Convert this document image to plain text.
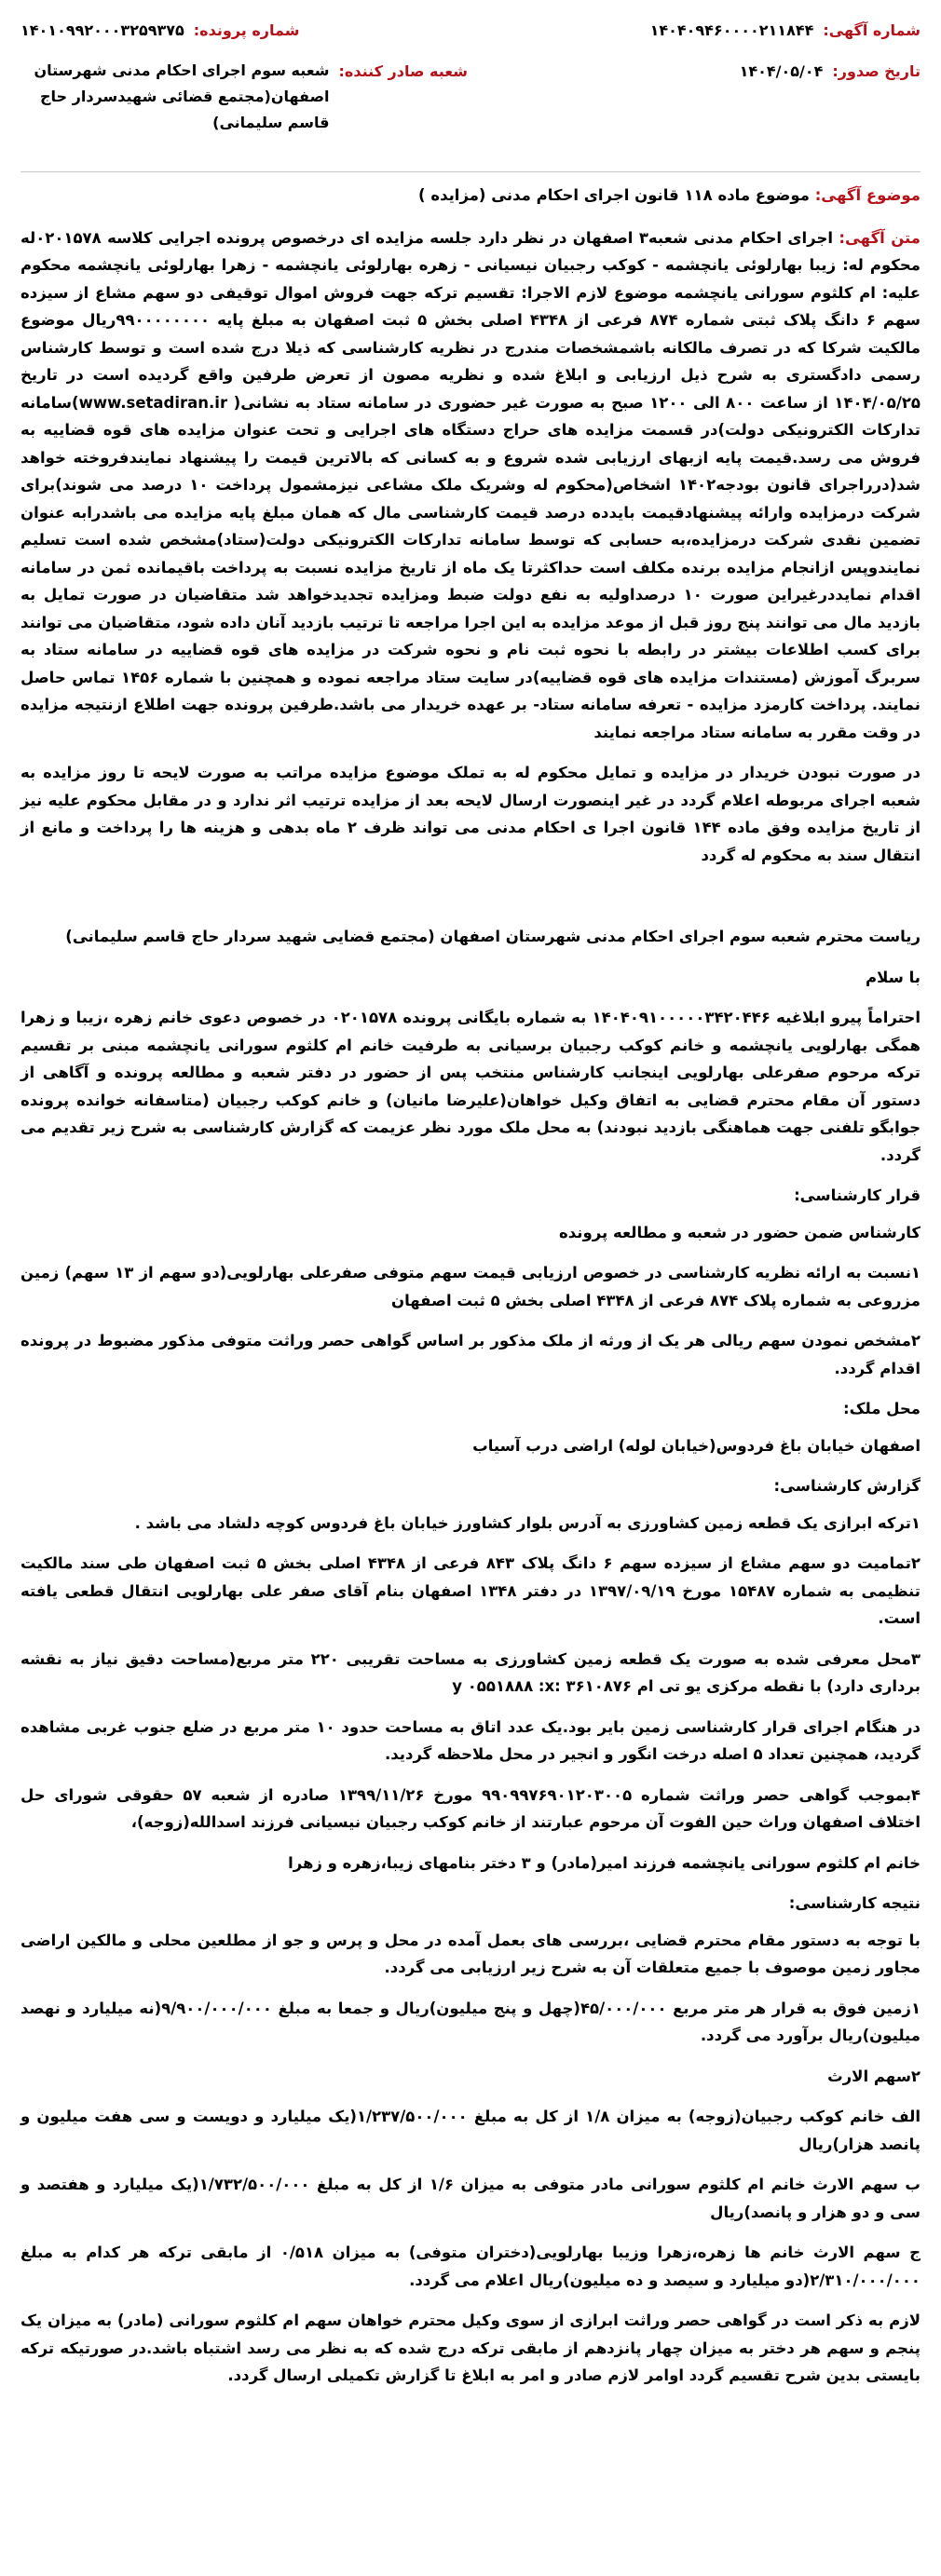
شماره آگهی:
۱۴۰۴۰۹۴۶۰۰۰۰۲۱۱۸۴۴
شماره پرونده:
۱۴۰۱۰۹۹۲۰۰۰۳۲۵۹۳۷۵
تاریخ صدور:
۱۴۰۴/۰۵/۰۴
شعبه صادر کننده:
شعبه سوم اجرای احکام مدنی شهرستان اصفهان(مجتمع قضائی شهیدسردار حاج قاسم سلیمانی)
موضوع آگهی: موضوع ماده ۱۱۸ قانون اجرای احکام مدنی (مزایده )

متن آگهی: اجرای احکام مدنی شعبه۳ اصفهان در نظر دارد جلسه مزایده ای درخصوص پرونده اجرایی کلاسه ۰۲۰۱۵۷۸له محکوم له: زیبا بهارلوئی یانچشمه - کوکب رجبیان نیسیانی - زهره بهارلوئی یانچشمه - زهرا بهارلوئی یانچشمه محکوم علیه: ام کلثوم سورانی یانچشمه موضوع لازم الاجرا: تقسیم ترکه جهت فروش اموال توقیفی دو سهم مشاع از سیزده سهم ۶ دانگ پلاک ثبتی شماره ۸۷۴ فرعی از ۴۳۴۸ اصلی بخش ۵ ثبت اصفهان به مبلغ پایه ۹۹۰۰۰۰۰۰۰۰ریال موضوع مالکیت شرکا که در تصرف مالکانه باشمشخصات مندرج در نظریه کارشناسی که ذیلا درج شده است و توسط کارشناس رسمی دادگستری به شرح ذیل ارزیابی و ابلاغ شده و نظریه مصون از تعرض طرفین واقع گردیده است در تاریخ ۱۴۰۴/۰۵/۲۵ از ساعت ۸۰۰ الی ۱۲۰۰ صبح به صورت غیر حضوری در سامانه ستاد به نشانی( www.setadiran.ir)سامانه تدارکات الکترونیکی دولت)در قسمت مزایده های حراج دستگاه های اجرایی و تحت عنوان مزایده های قوه قضاییه به فروش می رسد.قیمت پایه ازبهای ارزیابی شده شروع و به کسانی که بالاترین قیمت را پیشنهاد نمایندفروخته خواهد شد(درراجرای قانون بودجه۱۴۰۲ اشخاص(محکوم له وشریک ملک مشاعی نیزمشمول پرداخت ۱۰ درصد می شوند)برای شرکت درمزایده وارائه پیشنهادقیمت بایدده درصد قیمت کارشناسی مال که همان مبلغ پایه مزایده می باشدرابه عنوان تضمین نقدی شرکت درمزایده،به حسابی که توسط سامانه تدارکات الکترونیکی دولت(ستاد)مشخص شده است تسلیم نمایندوپس ازانجام مزایده برنده مکلف است حداکثرتا یک ماه از تاریخ مزایده نسبت به پرداخت باقیمانده ثمن در سامانه اقدام نمایددرغیراین صورت ۱۰ درصداولیه به نفع دولت ضبط ومزایده تجدیدخواهد شد متقاضیان در صورت تمایل به بازدید مال می توانند پنج روز قبل از موعد مزایده به این اجرا مراجعه تا ترتیب بازدید آنان داده شود، متقاضیان می توانند برای کسب اطلاعات بیشتر در رابطه با نحوه ثبت نام و نحوه شرکت در مزایده های قوه قضاییه در سامانه ستاد به سربرگ آموزش (مستندات مزایده های قوه قضاییه)در سایت ستاد مراجعه نموده و همچنین با شماره ۱۴۵۶ تماس حاصل نمایند. پرداخت کارمزد مزایده - تعرفه سامانه ستاد- بر عهده خریدار می باشد.طرفین پرونده جهت اطلاع ازنتیجه مزایده در وقت مقرر به سامانه ستاد مراجعه نمایند

در صورت نبودن خریدار در مزایده و تمایل محکوم له به تملک موضوع مزایده مراتب به صورت لایحه تا روز مزایده به شعبه اجرای مربوطه اعلام گردد در غیر اینصورت ارسال لایحه بعد از مزایده ترتیب اثر ندارد و در مقابل محکوم علیه نیز از تاریخ مزایده وفق ماده ۱۴۴ قانون اجرا ی احکام مدنی می تواند ظرف ۲ ماه بدهی و هزینه ها را پرداخت و مانع از انتقال سند به محکوم له گردد

ریاست محترم شعبه سوم اجرای احکام مدنی شهرستان اصفهان (مجتمع قضایی شهید سردار حاج قاسم سلیمانی)

با سلام

احتراماً پیرو ابلاغیه ۱۴۰۴۰۹۱۰۰۰۰۰۳۴۲۰۴۴۶ به شماره بایگانی پرونده ۰۲۰۱۵۷۸ در خصوص دعوی خانم زهره ،زیبا و زهرا همگی بهارلویی یانچشمه و خانم کوکب رجبیان برسیانی به طرفیت خانم ام کلثوم سورانی یانچشمه مبنی بر تقسیم ترکه مرحوم صفرعلی بهارلویی اینجانب کارشناس منتخب پس از حضور در دفتر شعبه و مطالعه پرونده و آگاهی از دستور آن مقام محترم قضایی به اتفاق وکیل خواهان(علیرضا مانیان) و خانم کوکب رجبیان (متاسفانه خوانده پرونده جوابگو تلفنی جهت هماهنگی بازدید نبودند) به محل ملک مورد نظر عزیمت که گزارش کارشناسی به شرح زیر تقدیم می گردد.

قرار کارشناسی:

کارشناس ضمن حضور در شعبه و مطالعه پرونده

۱نسبت به ارائه نظریه کارشناسی در خصوص ارزیابی قیمت سهم متوفی صفرعلی بهارلویی(دو سهم از ۱۳ سهم) زمین مزروعی به شماره پلاک ۸۷۴ فرعی از ۴۳۴۸ اصلی بخش ۵ ثبت اصفهان

۲مشخص نمودن سهم ریالی هر یک از ورثه از ملک مذکور بر اساس گواهی حصر وراثت متوفی مذکور مضبوط در پرونده اقدام گردد.

محل ملک:

اصفهان خیابان باغ فردوس(خیابان لوله) اراضی درب آسیاب

گزارش کارشناسی:

۱ترکه ابرازی یک قطعه زمین کشاورزی به آدرس بلوار کشاورز خیابان باغ فردوس کوچه دلشاد می باشد .

۲تمامیت دو سهم مشاع از سیزده سهم ۶ دانگ پلاک ۸۴۳ فرعی از ۴۳۴۸ اصلی بخش ۵ ثبت اصفهان طی سند مالکیت تنظیمی به شماره ۱۵۴۸۷ مورخ ۱۳۹۷/۰۹/۱۹ در دفتر ۱۳۴۸ اصفهان بنام آقای صفر علی بهارلویی انتقال قطعی یافته است.

۳محل معرفی شده به صورت یک قطعه زمین کشاورزی به مساحت تقریبی ۲۲۰ متر مربع(مساحت دقیق نیاز به نقشه برداری دارد) با نقطه مرکزی یو تی ام ۳۶۱۰۸۷۶ :y ۰۵۵۱۸۸۸ :x

در هنگام اجرای قرار کارشناسی زمین بایر بود.یک عدد اتاق به مساحت حدود ۱۰ متر مربع در ضلع جنوب غربی مشاهده گردید، همچنین تعداد ۵ اصله درخت انگور و انجیر در محل ملاحظه گردید.

۴بموجب گواهی حصر وراثت شماره ۹۹۰۹۹۷۶۹۰۱۲۰۳۰۰۵ مورخ ۱۳۹۹/۱۱/۲۶ صادره از شعبه ۵۷ حقوقی شورای حل اختلاف اصفهان وراث حین الفوت آن مرحوم عبارتند از خانم کوکب رجبیان نیسیانی فرزند اسدالله(زوجه)،

خانم ام کلثوم سورانی یانچشمه فرزند امیر(مادر) و ۳ دختر بنامهای زیبا،زهره و زهرا

نتیجه کارشناسی:

با توجه به دستور مقام محترم قضایی ،بررسی های بعمل آمده در محل و پرس و جو از مطلعین محلی و مالکین اراضی مجاور زمین موصوف با جمیع متعلقات آن به شرح زیر ارزیابی می گردد.

۱زمین فوق به قرار هر متر مربع ۴۵/۰۰۰/۰۰۰(چهل و پنج میلیون)ریال و جمعا به مبلغ ۹/۹۰۰/۰۰۰/۰۰۰(نه میلیارد و نهصد میلیون)ریال برآورد می گردد.

۲سهم الارث

الف خانم کوکب رجبیان(زوجه) به میزان ۱/۸ از کل به مبلغ ۱/۲۳۷/۵۰۰/۰۰۰(یک میلیارد و دویست و سی هفت میلیون و پانصد هزار)ریال

ب سهم الارث خانم ام کلثوم سورانی مادر متوفی به میزان ۱/۶ از کل به مبلغ ۱/۷۳۲/۵۰۰/۰۰۰(یک میلیارد و هفتصد و سی و دو هزار و پانصد)ریال

ج سهم الارث خانم ها زهره،زهرا وزیبا بهارلویی(دختران متوفی) به میزان ۰/۵۱۸ از مابقی ترکه هر کدام به مبلغ ۲/۳۱۰/۰۰۰/۰۰۰(دو میلیارد و سیصد و ده میلیون)ریال اعلام می گردد.

لازم به ذکر است در گواهی حصر وراثت ابرازی از سوی وکیل محترم خواهان سهم ام کلثوم سورانی (مادر) به میزان یک پنجم و سهم هر دختر به میزان چهار پانزدهم از مابقی ترکه درج شده که به نظر می رسد اشتباه باشد.در صورتیکه ترکه بایستی بدین شرح تقسیم گردد اوامر لازم صادر و امر به ابلاغ تا گزارش تکمیلی ارسال گردد.
